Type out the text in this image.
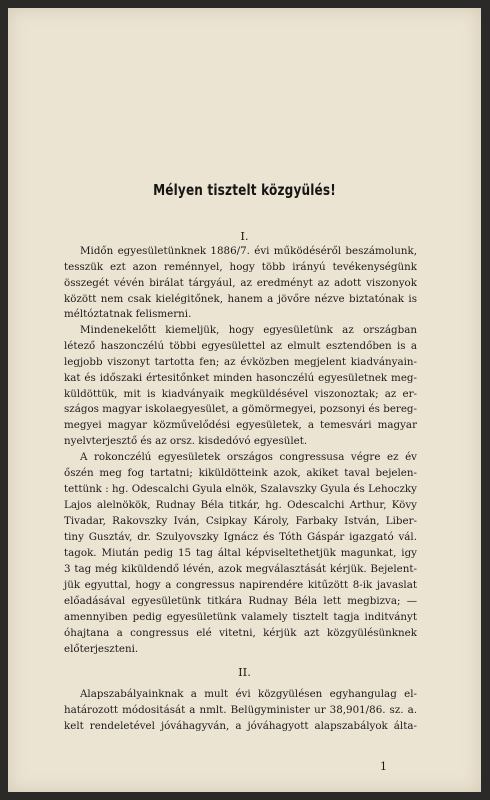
Mélyen tisztelt közgyülés!
I.
Midőn egyesületünknek 1886/7. évi működéséről beszámolunk,
tesszük ezt azon reménnyel, hogy több irányú tevékenységünk
összegét vévén birálat tárgyául, az eredményt az adott viszonyok
között nem csak kielégitőnek, hanem a jövőre nézve biztatónak is
méltóztatnak felismerni.
Mindenekelőtt kiemeljük, hogy egyesületünk az országban
létező haszonczélú többi egyesülettel az elmult esztendőben is a
legjobb viszonyt tartotta fen; az évközben megjelent kiadványain-
kat és időszaki értesitőnket minden hasonczélú egyesületnek meg-
küldöttük, mit is kiadványaik megküldésével viszonoztak; az er-
szágos magyar iskolaegyesület, a gömörmegyei, pozsonyi és bereg-
megyei magyar közművelődési egyesületek, a temesvári magyar
nyelvterjesztő és az orsz. kisdedóvó egyesület.
A rokonczélú egyesületek országos congressusa végre ez év
őszén meg fog tartatni; kiküldötteink azok, akiket taval bejelen-
tettünk : hg. Odescalchi Gyula elnök, Szalavszky Gyula és Lehoczky
Lajos alelnökök, Rudnay Béla titkár, hg. Odescalchi Arthur, Kövy
Tivadar, Rakovszky Iván, Csipkay Károly, Farbaky István, Liber-
tiny Gusztáv, dr. Szulyovszky Ignácz és Tóth Gáspár igazgató vál.
tagok. Miután pedig 15 tag által képviseltethetjük magunkat, igy
3 tag még kiküldendő lévén, azok megválasztását kérjük. Bejelent-
jük egyuttal, hogy a congressus napirendére kitűzött 8-ik javaslat
előadásával egyesületünk titkára Rudnay Béla lett megbizva; —
amennyiben pedig egyesületünk valamely tisztelt tagja inditványt
óhajtana a congressus elé vitetni, kérjük azt közgyülésünknek
előterjeszteni.
II.
Alapszabályainknak a mult évi közgyülésen egyhangulag el-
határozott módositását a nmlt. Belügyminister ur 38,901/86. sz. a.
kelt rendeletével jóváhagyván, a jóváhagyott alapszabályok álta-
1
